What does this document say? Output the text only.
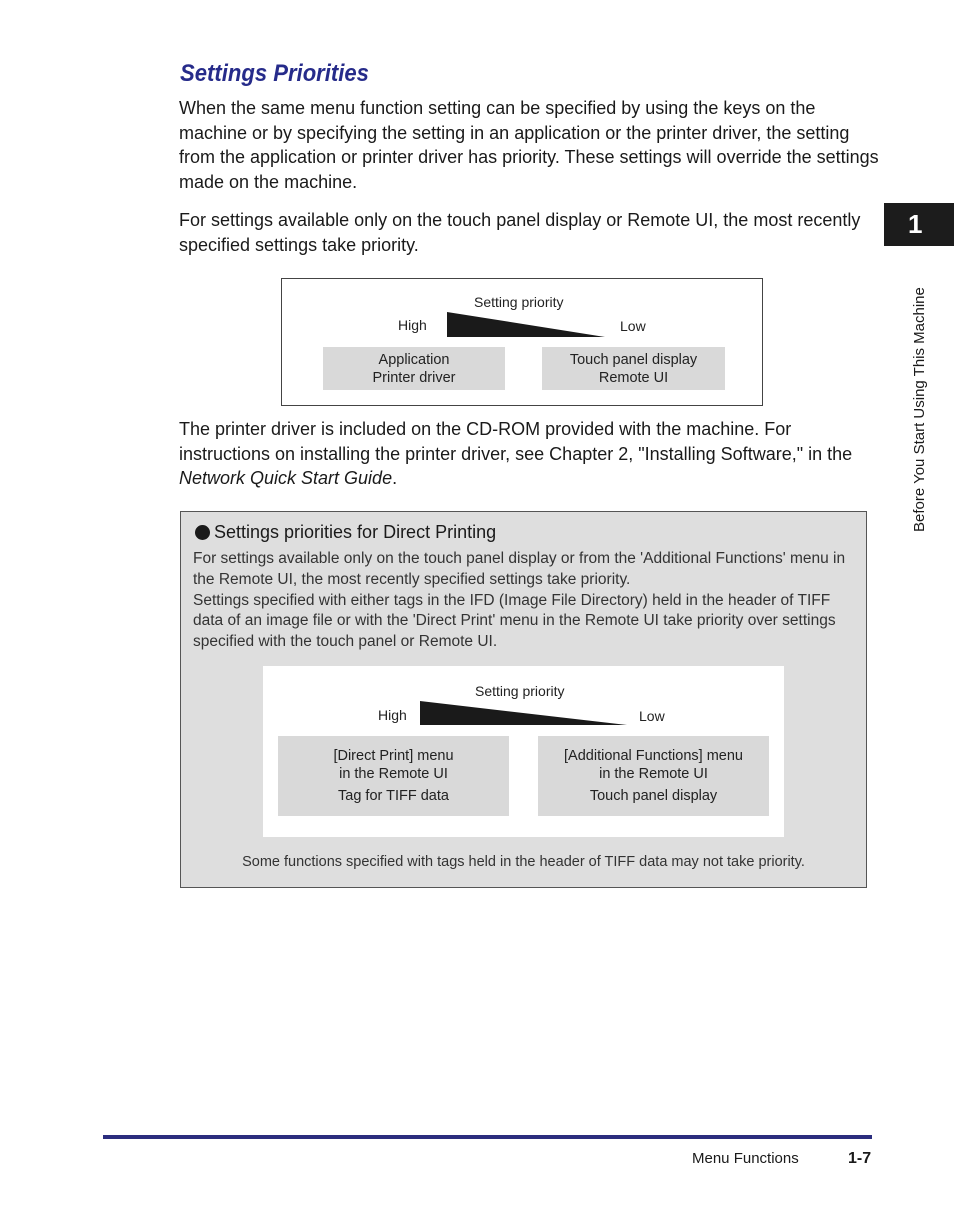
Settings Priorities

When the same menu function setting can be specified by using the keys on the machine or by specifying the setting in an application or the printer driver, the setting from the application or printer driver has priority. These settings will override the settings made on the machine.

For settings available only on the touch panel display or Remote UI, the most recently specified settings take priority.

Setting priority
High	Low
Application
Printer driver
Touch panel display
Remote UI

The printer driver is included on the CD-ROM provided with the machine. For instructions on installing the printer driver, see Chapter 2, "Installing Software," in the Network Quick Start Guide.

Settings priorities for Direct Printing

For settings available only on the touch panel display or from the 'Additional Functions' menu in the Remote UI, the most recently specified settings take priority.
Settings specified with either tags in the IFD (Image File Directory) held in the header of TIFF data of an image file or with the 'Direct Print' menu in the Remote UI take priority over settings specified with the touch panel or Remote UI.
Setting priority
High	Low
[Direct Print] menu
in the Remote UI
Tag for TIFF data
[Additional Functions] menu
in the Remote UI
Touch panel display

Some functions specified with tags held in the header of TIFF data may not take priority.

1
Before You Start Using This Machine
Menu Functions	1-7
